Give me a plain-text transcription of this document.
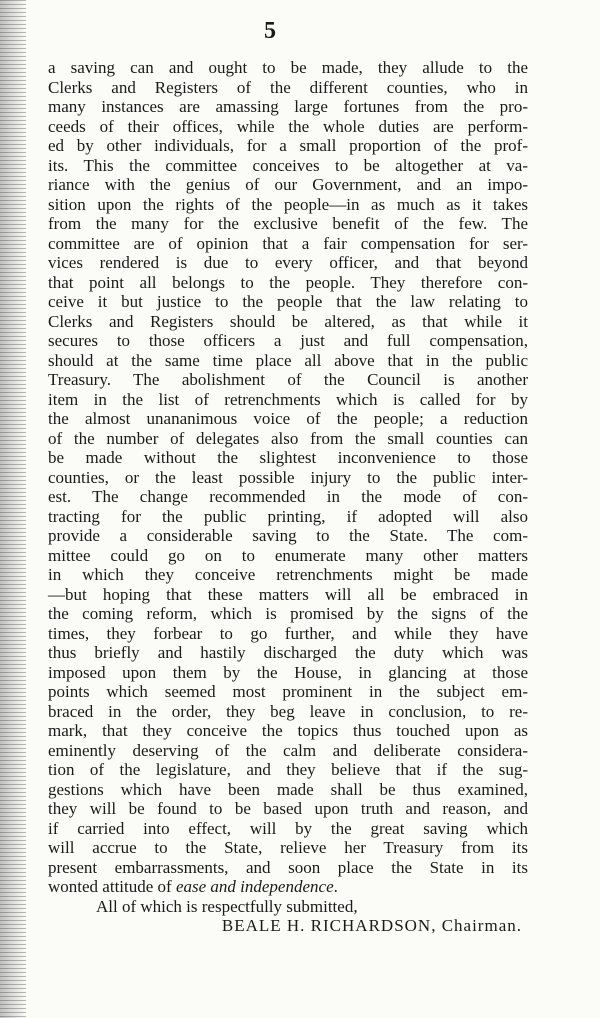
5
a saving can and ought to be made, they allude to the
Clerks and Registers of the different counties, who in
many instances are amassing large fortunes from the pro-
ceeds of their offices, while the whole duties are perform-
ed by other individuals, for a small proportion of the prof-
its. This the committee conceives to be altogether at va-
riance with the genius of our Government, and an impo-
sition upon the rights of the people—in as much as it takes
from the many for the exclusive benefit of the few. The
committee are of opinion that a fair compensation for ser-
vices rendered is due to every officer, and that beyond
that point all belongs to the people. They therefore con-
ceive it but justice to the people that the law relating to
Clerks and Registers should be altered, as that while it
secures to those officers a just and full compensation,
should at the same time place all above that in the public
Treasury. The abolishment of the Council is another
item in the list of retrenchments which is called for by
the almost unananimous voice of the people; a reduction
of the number of delegates also from the small counties can
be made without the slightest inconvenience to those
counties, or the least possible injury to the public inter-
est. The change recommended in the mode of con-
tracting for the public printing, if adopted will also
provide a considerable saving to the State. The com-
mittee could go on to enumerate many other matters
in which they conceive retrenchments might be made
—but hoping that these matters will all be embraced in
the coming reform, which is promised by the signs of the
times, they forbear to go further, and while they have
thus briefly and hastily discharged the duty which was
imposed upon them by the House, in glancing at those
points which seemed most prominent in the subject em-
braced in the order, they beg leave in conclusion, to re-
mark, that they conceive the topics thus touched upon as
eminently deserving of the calm and deliberate considera-
tion of the legislature, and they believe that if the sug-
gestions which have been made shall be thus examined,
they will be found to be based upon truth and reason, and
if carried into effect, will by the great saving which
will accrue to the State, relieve her Treasury from its
present embarrassments, and soon place the State in its
wonted attitude of ease and independence.
All of which is respectfully submitted,
BEALE H. RICHARDSON, Chairman.
